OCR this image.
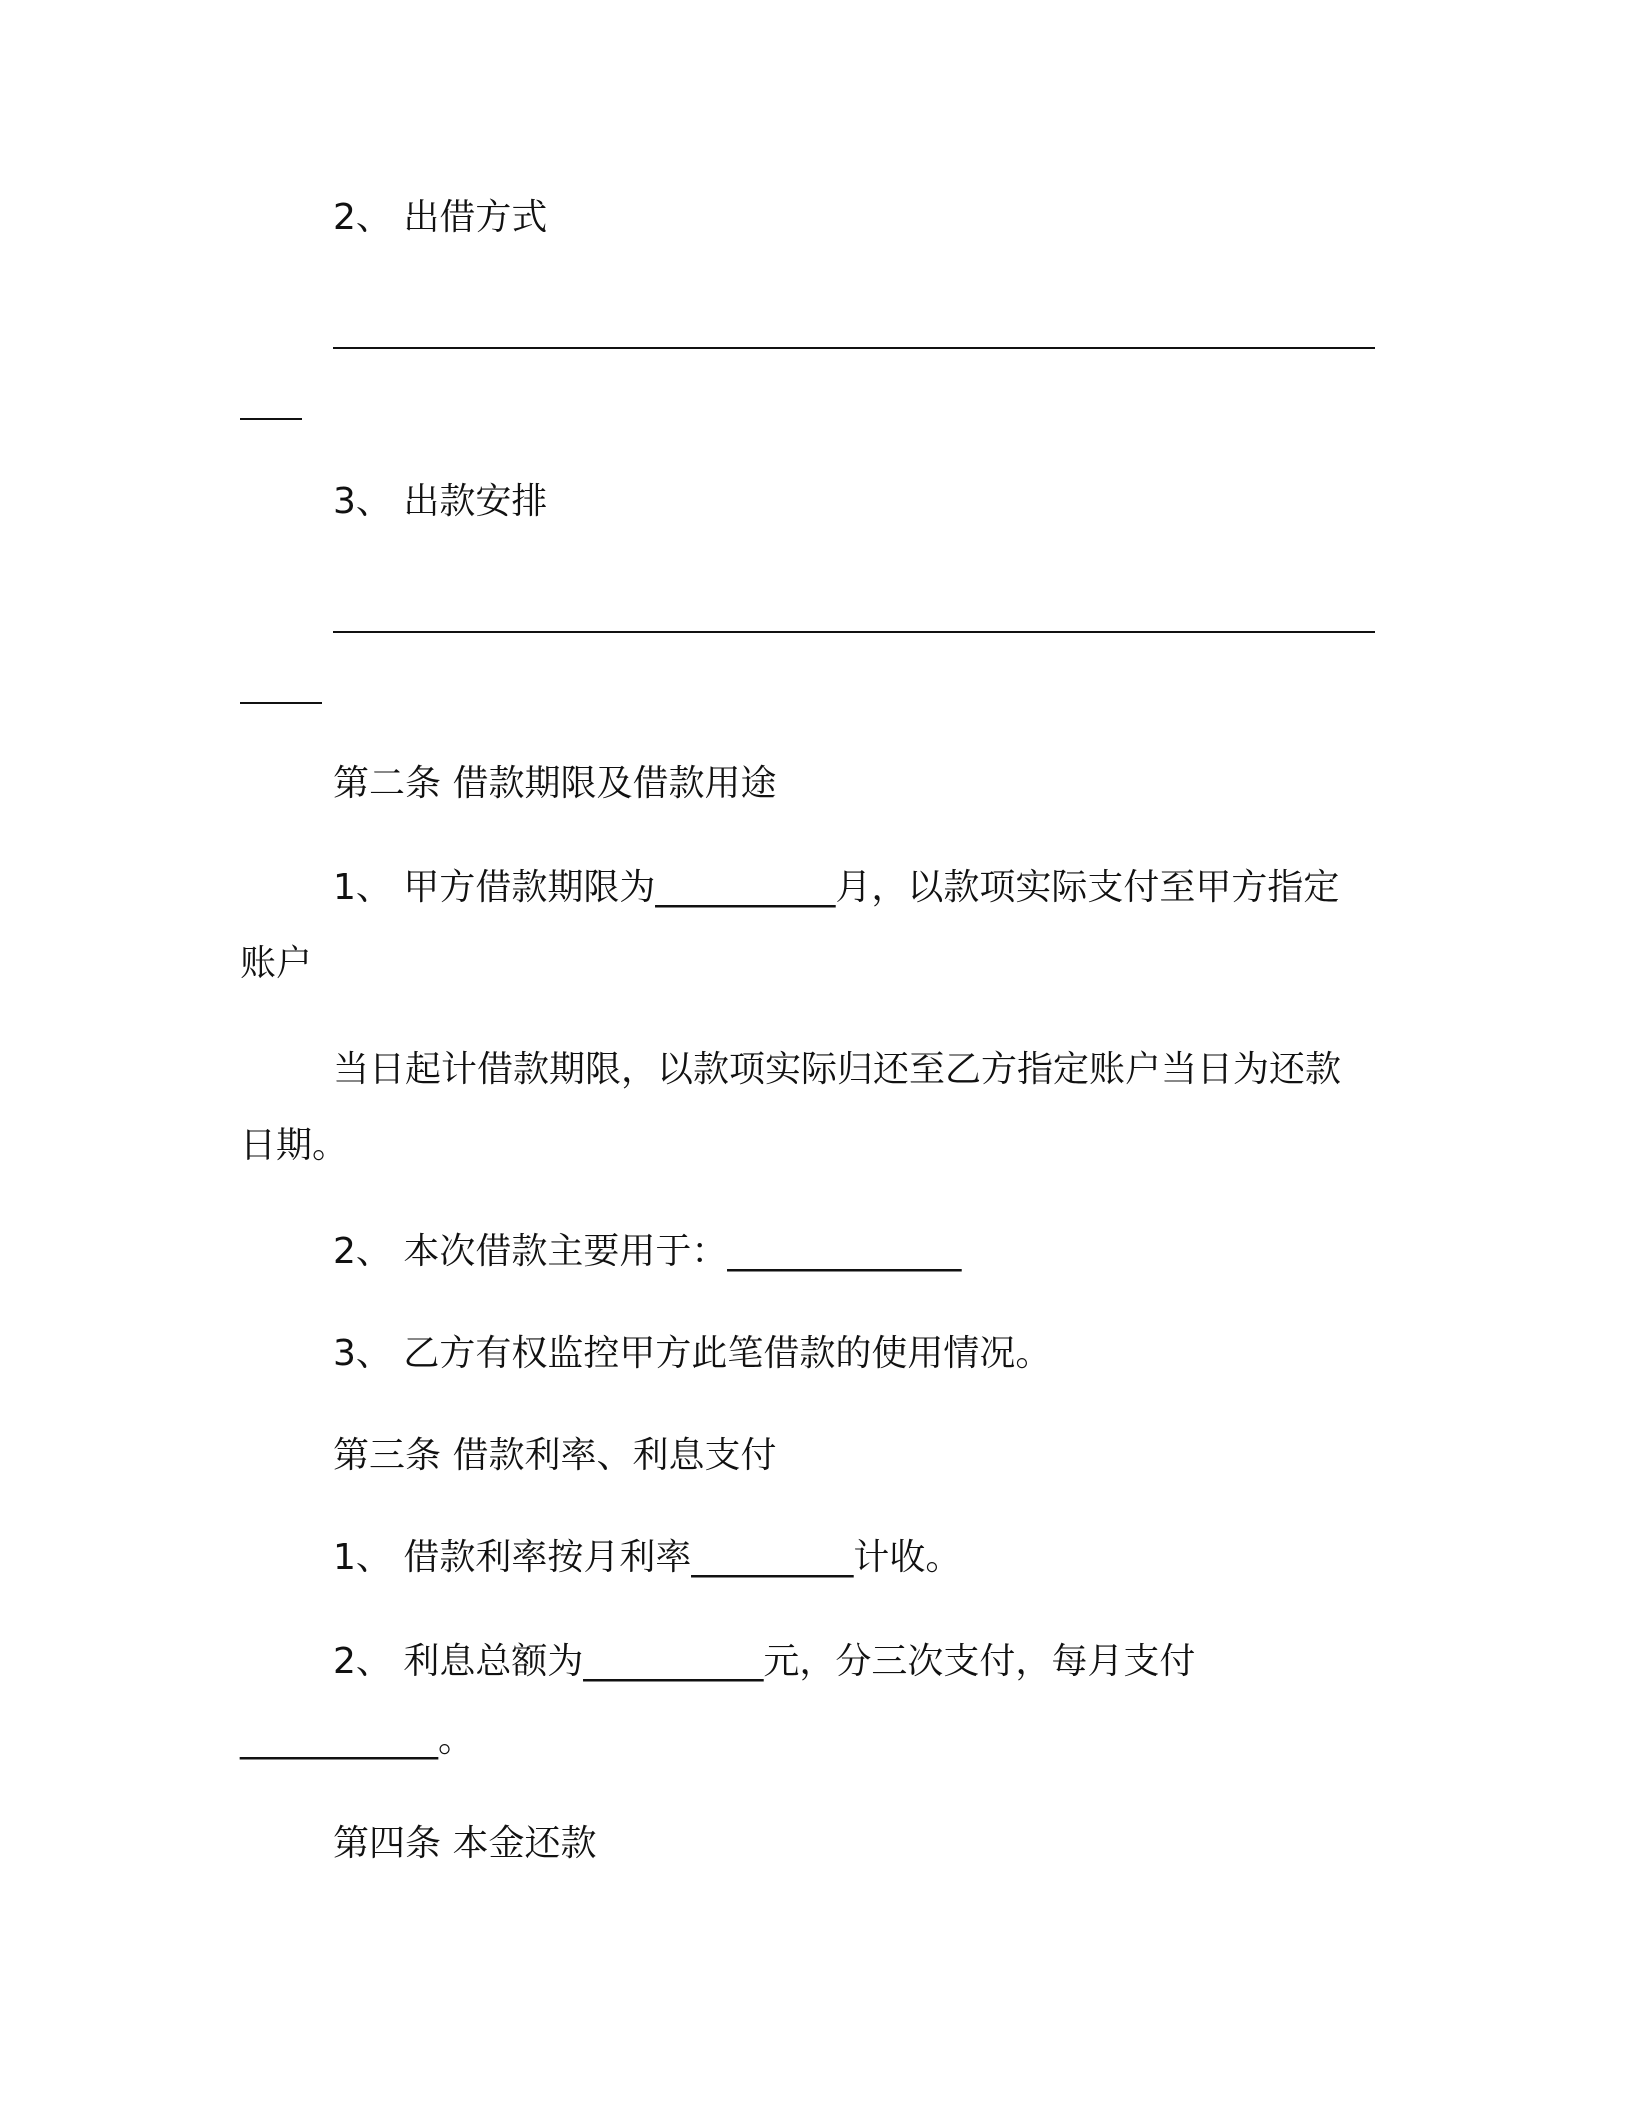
2、 出借方式
3、 出款安排
第二条 借款期限及借款用途
1、 甲方借款期限为__________月，以款项实际支付至甲方指定
账户
当日起计借款期限，以款项实际归还至乙方指定账户当日为还款
日期。
2、 本次借款主要用于：_____________
3、 乙方有权监控甲方此笔借款的使用情况。
第三条 借款利率、利息支付
1、 借款利率按月利率_________计收。
2、 利息总额为__________元，分三次支付，每月支付
___________。
第四条 本金还款
